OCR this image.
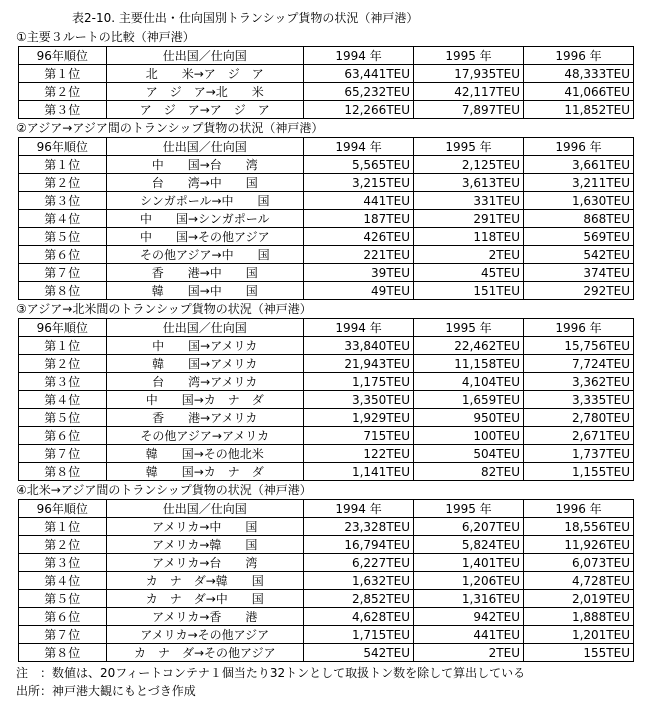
表2-10. 主要仕出・仕向国別トランシップ貨物の状況（神戸港）
①主要３ルートの比較（神戸港）
96年順位	仕出国／仕向国	1994 年	1995 年	1996 年
第１位	北　　米→ア　ジ　ア	63,441TEU	17,935TEU	48,333TEU
第２位	ア　ジ　ア→北　　米	65,232TEU	42,117TEU	41,066TEU
第３位	ア　ジ　ア→ア　ジ　ア	12,266TEU	7,897TEU	11,852TEU
②アジア→アジア間のトランシップ貨物の状況（神戸港）
96年順位	仕出国／仕向国	1994 年	1995 年	1996 年
第１位	中　　国→台　　湾	5,565TEU	2,125TEU	3,661TEU
第２位	台　　湾→中　　国	3,215TEU	3,613TEU	3,211TEU
第３位	シンガポール→中　　国	441TEU	331TEU	1,630TEU
第４位	中　　国→シンガポール	187TEU	291TEU	868TEU
第５位	中　　国→その他アジア	426TEU	118TEU	569TEU
第６位	その他アジア→中　　国	221TEU	2TEU	542TEU
第７位	香　　港→中　　国	39TEU	45TEU	374TEU
第８位	韓　　国→中　　国	49TEU	151TEU	292TEU
③アジア→北米間のトランシップ貨物の状況（神戸港）
96年順位	仕出国／仕向国	1994 年	1995 年	1996 年
第１位	中　　国→アメリカ	33,840TEU	22,462TEU	15,756TEU
第２位	韓　　国→アメリカ	21,943TEU	11,158TEU	7,724TEU
第３位	台　　湾→アメリカ	1,175TEU	4,104TEU	3,362TEU
第４位	中　　国→カ　ナ　ダ	3,350TEU	1,659TEU	3,335TEU
第５位	香　　港→アメリカ	1,929TEU	950TEU	2,780TEU
第６位	その他アジア→アメリカ	715TEU	100TEU	2,671TEU
第７位	韓　　国→その他北米	122TEU	504TEU	1,737TEU
第８位	韓　　国→カ　ナ　ダ	1,141TEU	82TEU	1,155TEU
④北米→アジア間のトランシップ貨物の状況（神戸港）
96年順位	仕出国／仕向国	1994 年	1995 年	1996 年
第１位	アメリカ→中　　国	23,328TEU	6,207TEU	18,556TEU
第２位	アメリカ→韓　　国	16,794TEU	5,824TEU	11,926TEU
第３位	アメリカ→台　　湾	6,227TEU	1,401TEU	6,073TEU
第４位	カ　ナ　ダ→韓　　国	1,632TEU	1,206TEU	4,728TEU
第５位	カ　ナ　ダ→中　　国	2,852TEU	1,316TEU	2,019TEU
第６位	アメリカ→香　　港	4,628TEU	942TEU	1,888TEU
第７位	アメリカ→その他アジア	1,715TEU	441TEU	1,201TEU
第８位	カ　ナ　ダ→その他アジア	542TEU	2TEU	155TEU
注　：数値は、20フィートコンテナ１個当たり32トンとして取扱トン数を除して算出している
出所：神戸港大観にもとづき作成
